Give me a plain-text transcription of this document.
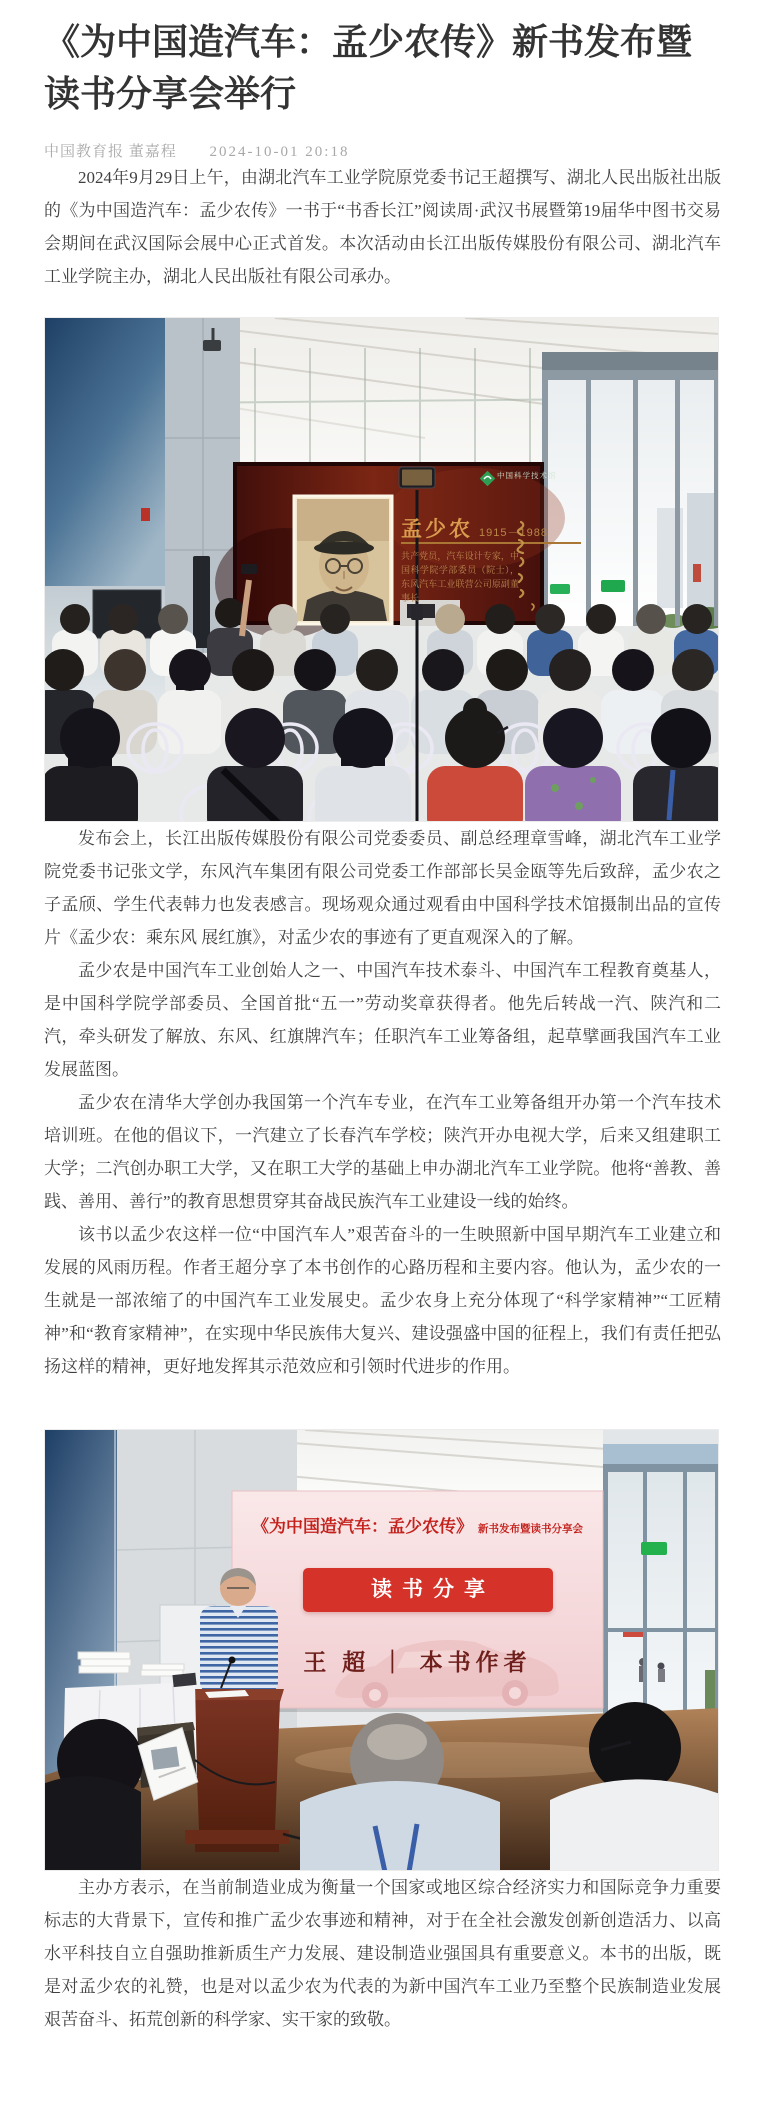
《为中国造汽车：孟少农传》新书发布暨读书分享会举行
中国教育报 董嘉程 2024-10-01 20:18

2024年9月29日上午，由湖北汽车工业学院原党委书记王超撰写、湖北人民出版社出版的《为中国造汽车：孟少农传》一书于“书香长江”阅读周·武汉书展暨第19届华中图书交易会期间在武汉国际会展中心正式首发。本次活动由长江出版传媒股份有限公司、湖北汽车工业学院主办，湖北人民出版社有限公司承办。

中国科学技术馆
孟少农 1915－1988
共产党员，汽车设计专家，中国科学院学部委员（院士），东风汽车工业联营公司原副董事长

发布会上，长江出版传媒股份有限公司党委委员、副总经理章雪峰，湖北汽车工业学院党委书记张文学，东风汽车集团有限公司党委工作部部长吴金瓯等先后致辞，孟少农之子孟颀、学生代表韩力也发表感言。现场观众通过观看由中国科学技术馆摄制出品的宣传片《孟少农：乘东风 展红旗》，对孟少农的事迹有了更直观深入的了解。

孟少农是中国汽车工业创始人之一、中国汽车技术泰斗、中国汽车工程教育奠基人，是中国科学院学部委员、全国首批“五一”劳动奖章获得者。他先后转战一汽、陕汽和二汽，牵头研发了解放、东风、红旗牌汽车；任职汽车工业筹备组，起草擘画我国汽车工业发展蓝图。

孟少农在清华大学创办我国第一个汽车专业，在汽车工业筹备组开办第一个汽车技术培训班。在他的倡议下，一汽建立了长春汽车学校；陕汽开办电视大学，后来又组建职工大学；二汽创办职工大学，又在职工大学的基础上申办湖北汽车工业学院。他将“善教、善践、善用、善行”的教育思想贯穿其奋战民族汽车工业建设一线的始终。

该书以孟少农这样一位“中国汽车人”艰苦奋斗的一生映照新中国早期汽车工业建立和发展的风雨历程。作者王超分享了本书创作的心路历程和主要内容。他认为，孟少农的一生就是一部浓缩了的中国汽车工业发展史。孟少农身上充分体现了“科学家精神”“工匠精神”和“教育家精神”，在实现中华民族伟大复兴、建设强盛中国的征程上，我们有责任把弘扬这样的精神，更好地发挥其示范效应和引领时代进步的作用。

《为中国造汽车：孟少农传》 新书发布暨读书分享会
读书分享
王 超 ｜ 本书作者

主办方表示，在当前制造业成为衡量一个国家或地区综合经济实力和国际竞争力重要标志的大背景下，宣传和推广孟少农事迹和精神，对于在全社会激发创新创造活力、以高水平科技自立自强助推新质生产力发展、建设制造业强国具有重要意义。本书的出版，既是对孟少农的礼赞，也是对以孟少农为代表的为新中国汽车工业乃至整个民族制造业发展艰苦奋斗、拓荒创新的科学家、实干家的致敬。
